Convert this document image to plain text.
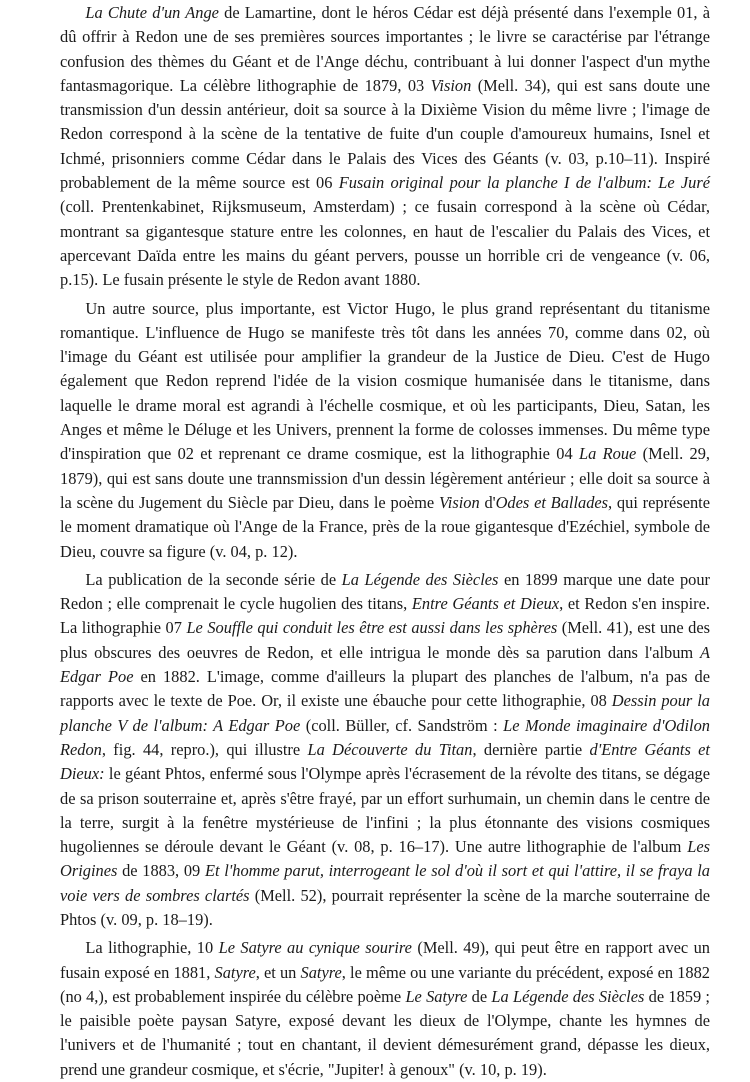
La Chute d'un Ange de Lamartine, dont le héros Cédar est déjà présenté dans l'exemple 01, à dû offrir à Redon une de ses premières sources importantes ; le livre se caractérise par l'étrange confusion des thèmes du Géant et de l'Ange déchu, contribuant à lui donner l'aspect d'un mythe fantasmagorique. La célèbre lithographie de 1879, 03 Vision (Mell. 34), qui est sans doute une transmission d'un dessin antérieur, doit sa source à la Dixième Vision du même livre ; l'image de Redon correspond à la scène de la tentative de fuite d'un couple d'amoureux humains, Isnel et Ichmé, prisonniers comme Cédar dans le Palais des Vices des Géants (v. 03, p.10–11). Inspiré probablement de la même source est 06 Fusain original pour la planche I de l'album: Le Juré (coll. Prentenkabinet, Rijksmuseum, Amsterdam) ; ce fusain correspond à la scène où Cédar, montrant sa gigantesque stature entre les colonnes, en haut de l'escalier du Palais des Vices, et apercevant Daïda entre les mains du géant pervers, pousse un horrible cri de vengeance (v. 06, p.15). Le fusain présente le style de Redon avant 1880.

Un autre source, plus importante, est Victor Hugo, le plus grand représentant du titanisme romantique. L'influence de Hugo se manifeste très tôt dans les années 70, comme dans 02, où l'image du Géant est utilisée pour amplifier la grandeur de la Justice de Dieu. C'est de Hugo également que Redon reprend l'idée de la vision cosmique humanisée dans le titanisme, dans laquelle le drame moral est agrandi à l'échelle cosmique, et où les participants, Dieu, Satan, les Anges et même le Déluge et les Univers, prennent la forme de colosses immenses. Du même type d'inspiration que 02 et reprenant ce drame cosmique, est la lithographie 04 La Roue (Mell. 29, 1879), qui est sans doute une trannsmission d'un dessin légèrement antérieur ; elle doit sa source à la scène du Jugement du Siècle par Dieu, dans le poème Vision d'Odes et Ballades, qui représente le moment dramatique où l'Ange de la France, près de la roue gigantesque d'Ezéchiel, symbole de Dieu, couvre sa figure (v. 04, p. 12).

La publication de la seconde série de La Légende des Siècles en 1899 marque une date pour Redon ; elle comprenait le cycle hugolien des titans, Entre Géants et Dieux, et Redon s'en inspire. La lithographie 07 Le Souffle qui conduit les être est aussi dans les sphères (Mell. 41), est une des plus obscures des oeuvres de Redon, et elle intrigua le monde dès sa parution dans l'album A Edgar Poe en 1882. L'image, comme d'ailleurs la plupart des planches de l'album, n'a pas de rapports avec le texte de Poe. Or, il existe une ébauche pour cette lithographie, 08 Dessin pour la planche V de l'album: A Edgar Poe (coll. Büller, cf. Sandström : Le Monde imaginaire d'Odilon Redon, fig. 44, repro.), qui illustre La Découverte du Titan, dernière partie d'Entre Géants et Dieux: le géant Phtos, enfermé sous l'Olympe après l'écrasement de la révolte des titans, se dégage de sa prison souterraine et, après s'être frayé, par un effort surhumain, un chemin dans le centre de la terre, surgit à la fenêtre mystérieuse de l'infini ; la plus étonnante des visions cosmiques hugoliennes se déroule devant le Géant (v. 08, p. 16–17). Une autre lithographie de l'album Les Origines de 1883, 09 Et l'homme parut, interrogeant le sol d'où il sort et qui l'attire, il se fraya la voie vers de sombres clartés (Mell. 52), pourrait représenter la scène de la marche souterraine de Phtos (v. 09, p. 18–19).

La lithographie, 10 Le Satyre au cynique sourire (Mell. 49), qui peut être en rapport avec un fusain exposé en 1881, Satyre, et un Satyre, le même ou une variante du précédent, exposé en 1882 (no 4,), est probablement inspirée du célèbre poème Le Satyre de La Légende des Siècles de 1859 ; le paisible poète paysan Satyre, exposé devant les dieux de l'Olympe, chante les hymnes de l'univers et de l'humanité ; tout en chantant, il devient démesurément grand, dépasse les dieux, prend une grandeur cosmique, et s'écrie, "Jupiter! à genoux" (v. 10, p. 19).
